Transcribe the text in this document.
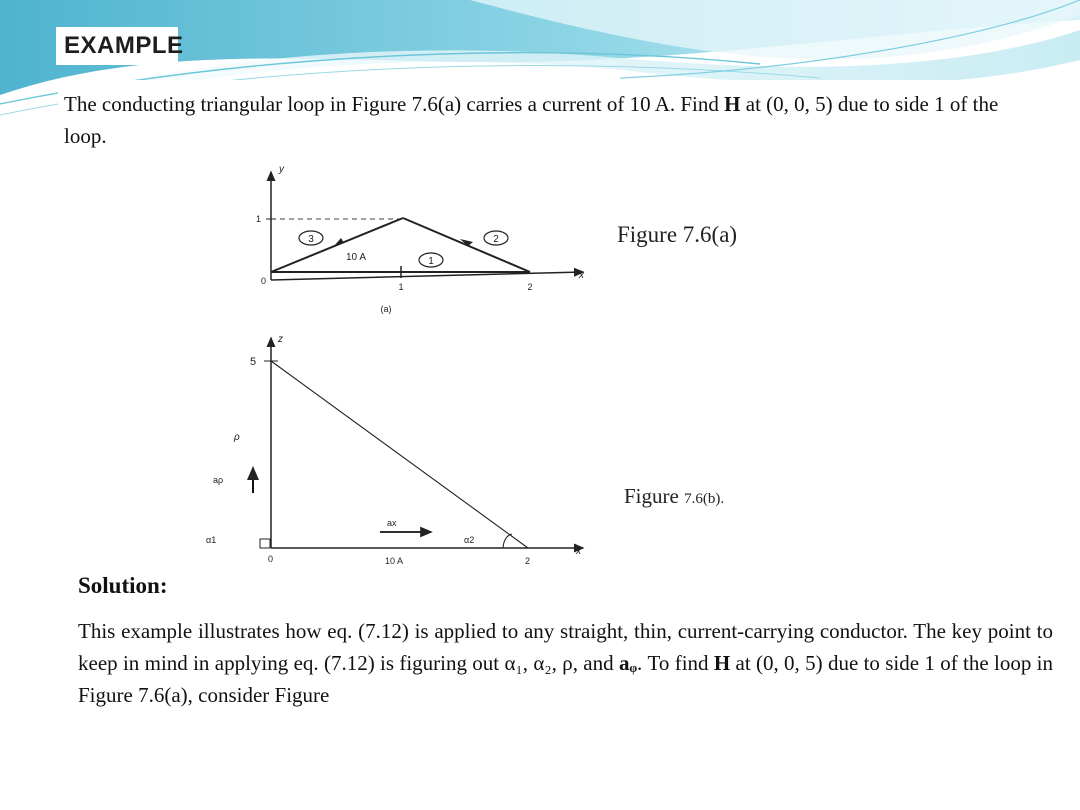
EXAMPLE

The conducting triangular loop in Figure 7.6(a) carries a current of 10 A. Find H at (0, 0, 5) due to side 1 of the loop.

3	2
1
10 A
y
x
1
0
1	2
(a)
ax
aρ
ρ
α1	α2
z
x
5
0	2
10 A

Figure 7.6(a)

Figure 7.6(b).

Solution:

This example illustrates how eq. (7.12) is applied to any straight, thin, current-carrying conductor. The key point to keep in mind in applying eq. (7.12) is figuring out α₁, α₂, ρ, and aᵩ. To find H at (0, 0, 5) due to side 1 of the loop in Figure 7.6(a), consider Figure
